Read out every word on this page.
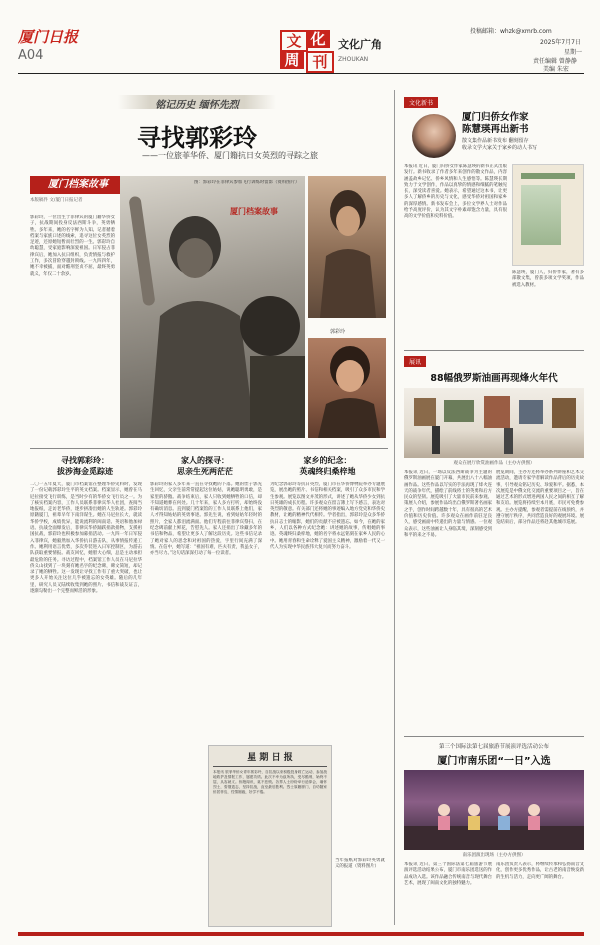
厦门日报
A04
文 化
周 刊
文化广角
ZHOUKAN
投稿邮箱：whzk@xmrb.com
2025年7月7日
星期一
责任编辑 曾静静
美编 朱宏
铭记历史 缅怀先烈
寻找郭彩玲
——一位旅菲华侨、厦门籍抗日女英烈的寻踪之旅
厦门档案故事
本版稿件 文/厦门日报记者
郭彩玲，一位出生于菲律宾的厦门籍华侨女子，抗战期间投身反法西斯斗争，英勇牺牲。多年来，她的名字鲜为人知。记者循着档案与家族口述的线索，追寻这位女英烈的足迹，还原她短暂而壮烈的一生。郭彩玲自幼聪慧，受家庭影响深爱祖国。日军侵占菲律宾后，她加入抗日组织，负责情报与救护工作，多次冒险穿越封锁线。一九四四年，她不幸被捕，面对酷刑坚贞不屈，最终英勇就义，年仅二十余岁。
厦门档案故事
图：郭彩玲在菲律宾参加飞行训练时留影（资料图片）
郭彩玲
寻找郭彩玲：
拔涉海金觅踪迹
家人的探寻：
思亲生死两茫茫
家乡的纪念：
英魂终归桑梓地
二〇一五年夏天，厦门市档案馆在整理华侨史料时，发现了一份记载郭彩玲生平的英文档案。档案显示，她曾在马尼拉接受飞行训练，是当时少有的华侨女飞行员之一。为了核实档案内容，工作人员联系菲律宾华人社团，查阅当地报纸，走访老华侨，逐步拼凑出她的人生轨迹。郭彩玲原籍厦门，祖辈早年下南洋谋生。她在马尼拉长大，就读华侨学校，成绩优异，能说流利的闽南话、英语和他加禄语。抗战全面爆发后，菲律宾华侨踊跃捐款捐物，支援祖国抗战，郭彩玲也积极参加募捐活动。一九四一年日军侵入菲律宾，她毅然加入华侨抗日游击队，从事情报传递工作。她利用语言优势，多次乔装进入日军控制区，为游击队获取重要情报。战友回忆，她胆大心细，总是主动承担最危险的任务。寻访过程中，档案馆工作人员在马尼拉华侨义山找到了一块刻有她名字的纪念碑，碑文简短，却记录了她的牺牲。这一发现让寻找工作有了重大突破，也让更多人开始关注这位几乎被遗忘的女英雄。随后的几年里，研究人员又陆续收集到她的照片、书信和战友证言，逐渐勾勒出一个完整而鲜活的形象。
郭彩玲的家人多年来一直在寻找她的下落。她的侄子郭先生回忆，父亲生前常常提起这位姑姑，说她聪明勇敢，是家里的骄傲。战争结束后，家人只收到她牺牲的口信，却不知道她葬在何处。几十年来，家人多方打听，却始终没有确切消息。直到厦门档案馆的工作人员联系上他们，家人才得知姑姑的英勇事迹。郭先生说，看到姑姑年轻时的照片，全家人都泪流满面。他们专程前往菲律宾祭扫，在纪念碑前献上鲜花，告慰先人。家人还捐出了珍藏多年的书信和物品，希望让更多人了解这段历史。这些书信记录了她对家人的思念和对祖国的热爱，字里行间充满了深情。在信中，她写道：“祖国有难，匹夫有责，我虽女子，亦当尽力。”这句话深深打动了每一位读者。
为纪念郭彩玲等抗日英烈，厦门市在华侨博物院举办专题展览，展出她的照片、书信和相关档案，吸引了众多市民和学生参观。展览以图文并茂的形式，讲述了她从华侨少女到抗日英雄的成长历程。许多观众在留言簿上写下感言，表达对英烈的敬意。有关部门还将她的事迹编入地方党史和华侨史教材，让她的精神代代相传。学者指出，郭彩玲是众多华侨抗日志士的缩影，她们的贡献不应被遗忘。如今，在她的家乡，人们以各种方式纪念她：讲述她的故事，传唱她的事迹。英魂终归桑梓地，她的名字将永远铭刻在家乡人民的心中。她用青春和生命诠释了爱国主义精神，激励着一代又一代人为实现中华民族伟大复兴而努力奋斗。
星 期 日 报
本报讯 旅菲华侨女青年郭彩玲，自抗战以来积极投身救亡运动，参加战地救护及情报工作，屡建功绩。此次不幸为敌所执，受尽酷刑，始终不屈，从容就义。侨胞闻讯，莫不悲愤。各界人士纷纷举行追悼会，缅怀烈士，誓继遗志，坚持抗战，直至最后胜利。烈士原籍厦门，自幼随家侨居菲岛，性情刚毅，好学不倦。
当年报纸对郭彩玲英勇就义的报道（资料图片）
文化新书
厦门归侨女作家
陈慧瑛再出新书
散文集作品新书发布 翻刻留存
收录文学大家关于家乡的动人书写
本报讯 近日，厦门归侨女作家陈慧瑛的新书正式出版发行。新书收录了作者多年来创作的散文作品，内容涵盖故乡记忆、侨乡风情和人生感悟等。陈慧瑛长期致力于文学创作，作品以真挚的情感和细腻的笔触见长，深受读者喜爱。她表示，希望通过这本书，让更多人了解侨乡的历史与文化，感受华侨对祖国和家乡的深厚感情。新书发布会上，多位文学界人士对作品给予高度评价，认为其文字朴素却饱含力量，具有很高的文学价值和史料价值。
陈慧瑛，厦门人，归侨作家，著有多部散文集，曾获多项文学奖项，作品被选入教材。
展讯
88幅俄罗斯油画再现烽火年代
观众在展厅欣赏油画作品（主办方供图）
本报讯 近日，一场以反法西斯战争为主题的俄罗斯油画展在厦门开幕，共展出八十八幅油画作品。这些作品以写实的手法再现了烽火连天的战争年代，描绘了前线将士的英勇和后方民众的坚韧。展览吸引了大量市民前来参观。策展人介绍，参展作品均出自俄罗斯著名画家之手，创作时间跨越数十年，具有很高的艺术价值和历史价值。许多观众在画作前驻足良久，感受画面中传递出的力量与情感。一位观众表示，这些油画让人身临其境，深刻感受到和平的来之不易。
展览期间，主办方还将举办系列讲座和艺术交流活动，邀请专家学者解读作品背后的历史故事，引导观众铭记历史、珍爱和平。据悉，本次展览是中俄文化交流的重要项目之一，旨在通过艺术的形式增进两国人民之间的相互了解和友谊。展览将持续至本月底，市民可免费参观。主办方提醒，参观者需提前在线预约，并遵守展厅秩序，共同营造良好的观展环境。展览结束后，部分作品还将赴其他城市巡展。
第三个国际法第七届旅游节展演评选活动公布
厦门市南乐团“一日”入选
南乐团演出现场（主办方供图）
本报讯 近日，第三个国际法第七届旅游节展演评选活动结果公布，厦门市南乐团选送的作品成功入选。该作品融合传统南音与现代舞台艺术，展现了闽南文化的独特魅力。
南乐团负责人表示，将继续传承和弘扬南音文化，创作更多优秀作品，让古老的南音焕发新的生机与活力，走向更广阔的舞台。
